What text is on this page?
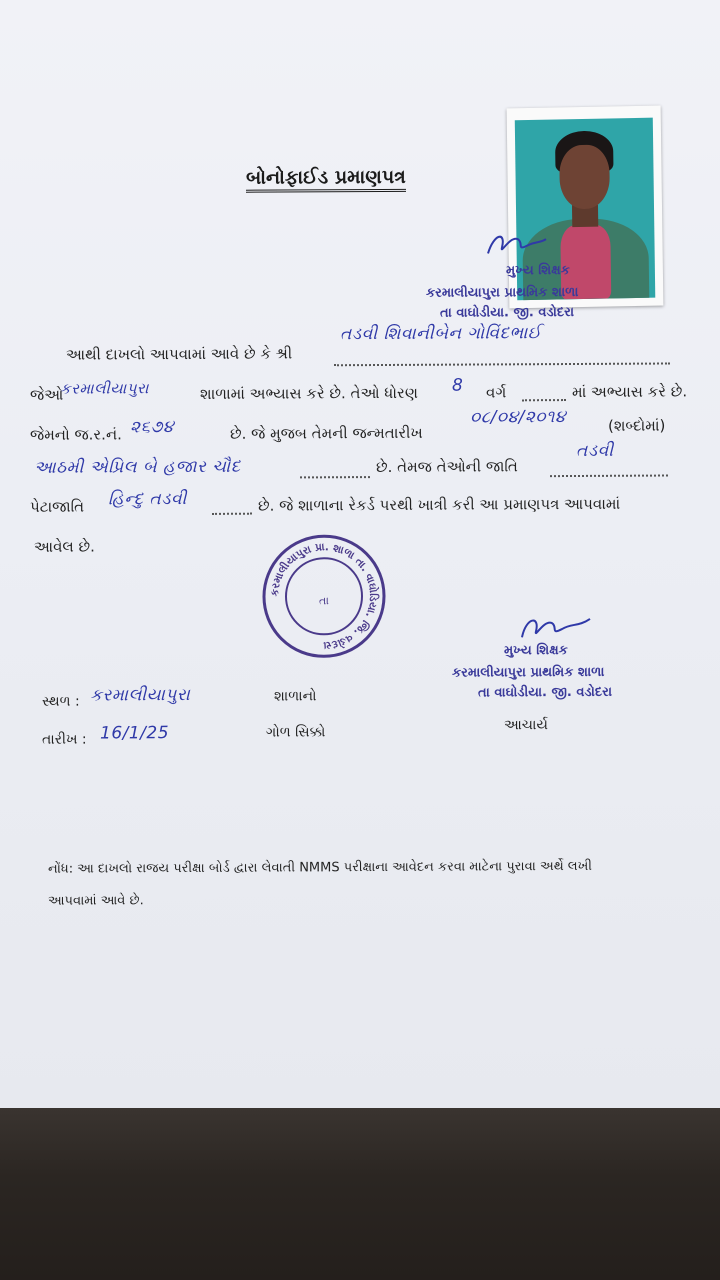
બોનોફાઈડ પ્રમાણપત્ર
મુખ્ય શિક્ષક
કરમાલીયાપુરા પ્રાથમિક શાળા
તા વાઘોડીયા. જી. વડોદરા
આથી દાખલો આપવામાં આવે છે કે શ્રી
તડવી શિવાનીબેન ગોવિંદભાઈ
જેઓ
કરમાલીયાપુરા	શાળામાં અભ્યાસ કરે છે. તેઓ ધોરણ 8 વર્ગ	માં અભ્યાસ કરે છે.
જેમનો જ.ર.નં. ૨૬૭૪	છે. જે મુજબ તેમની જન્મતારીખ
૦૮/૦૪/૨૦૧૪	(શબ્દોમાં)
આઠમી એપ્રિલ બે હજાર ચૌદ	છે. તેમજ તેઓની જાતિ
તડવી
પેટાજાતિ હિન્દુ તડવી	છે. જે શાળાના રેકર્ડ પરથી ખાત્રી કરી આ પ્રમાણપત્ર આપવામાં
આવેલ છે.
કરમાલીયાપુરા પ્રા. શાળા તા. વાઘોડિયા. જિ. વડોદરા
તા
મુખ્ય શિક્ષક
કરમાલીયાપુરા પ્રાથમિક શાળા
તા વાઘોડીયા. જી. વડોદરા
સ્થળ : કરમાલીયાપુરા	શાળાનો
તારીખ : 16/1/25	ગોળ સિક્કો	આચાર્ય
નોંધ: આ દાખલો રાજય પરીક્ષા બોર્ડ દ્વારા લેવાતી NMMS પરીક્ષાના આવેદન કરવા માટેના પુરાવા અર્થે લખી
આપવામાં આવે છે.
